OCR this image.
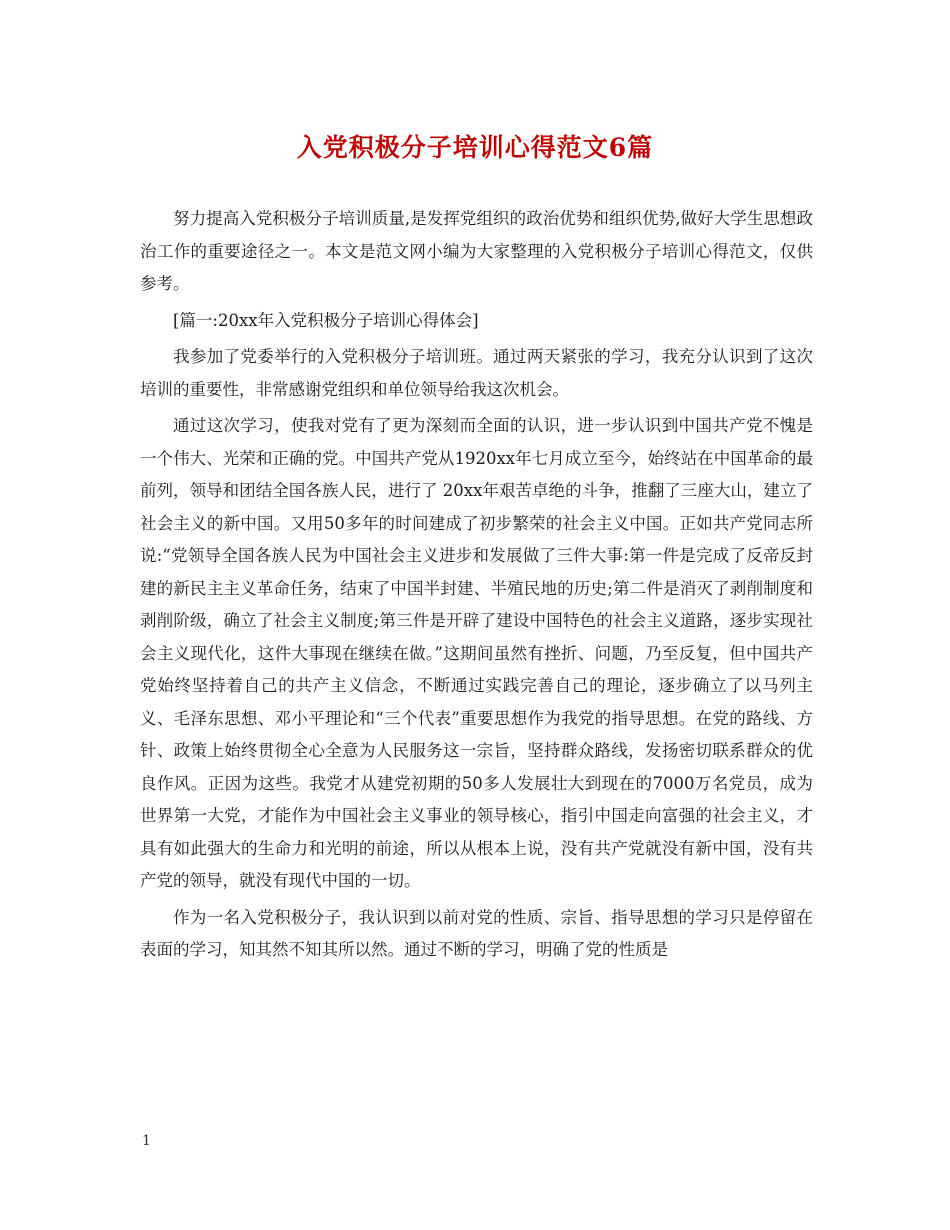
入党积极分子培训心得范文6篇

努力提高入党积极分子培训质量,是发挥党组织的政治优势和组织优势,做好大学生思想政治工作的重要途径之一。本文是范文网小编为大家整理的入党积极分子培训心得范文，仅供参考。

[篇一:20xx年入党积极分子培训心得体会]

我参加了党委举行的入党积极分子培训班。通过两天紧张的学习，我充分认识到了这次培训的重要性，非常感谢党组织和单位领导给我这次机会。

通过这次学习，使我对党有了更为深刻而全面的认识，进一步认识到中国共产党不愧是一个伟大、光荣和正确的党。中国共产党从1920xx年七月成立至今，始终站在中国革命的最前列，领导和团结全国各族人民，进行了 20xx年艰苦卓绝的斗争，推翻了三座大山，建立了社会主义的新中国。又用50多年的时间建成了初步繁荣的社会主义中国。正如共产党同志所说:“党领导全国各族人民为中国社会主义进步和发展做了三件大事:第一件是完成了反帝反封建的新民主主义革命任务，结束了中国半封建、半殖民地的历史;第二件是消灭了剥削制度和剥削阶级，确立了社会主义制度;第三件是开辟了建设中国特色的社会主义道路，逐步实现社会主义现代化，这件大事现在继续在做。”这期间虽然有挫折、问题，乃至反复，但中国共产党始终坚持着自己的共产主义信念，不断通过实践完善自己的理论，逐步确立了以马列主义、毛泽东思想、邓小平理论和“三个代表”重要思想作为我党的指导思想。在党的路线、方针、政策上始终贯彻全心全意为人民服务这一宗旨，坚持群众路线，发扬密切联系群众的优良作风。正因为这些。我党才从建党初期的50多人发展壮大到现在的7000万名党员，成为世界第一大党，才能作为中国社会主义事业的领导核心，指引中国走向富强的社会主义，才具有如此强大的生命力和光明的前途，所以从根本上说，没有共产党就没有新中国，没有共产党的领导，就没有现代中国的一切。

作为一名入党积极分子，我认识到以前对党的性质、宗旨、指导思想的学习只是停留在表面的学习，知其然不知其所以然。通过不断的学习，明确了党的性质是

1
